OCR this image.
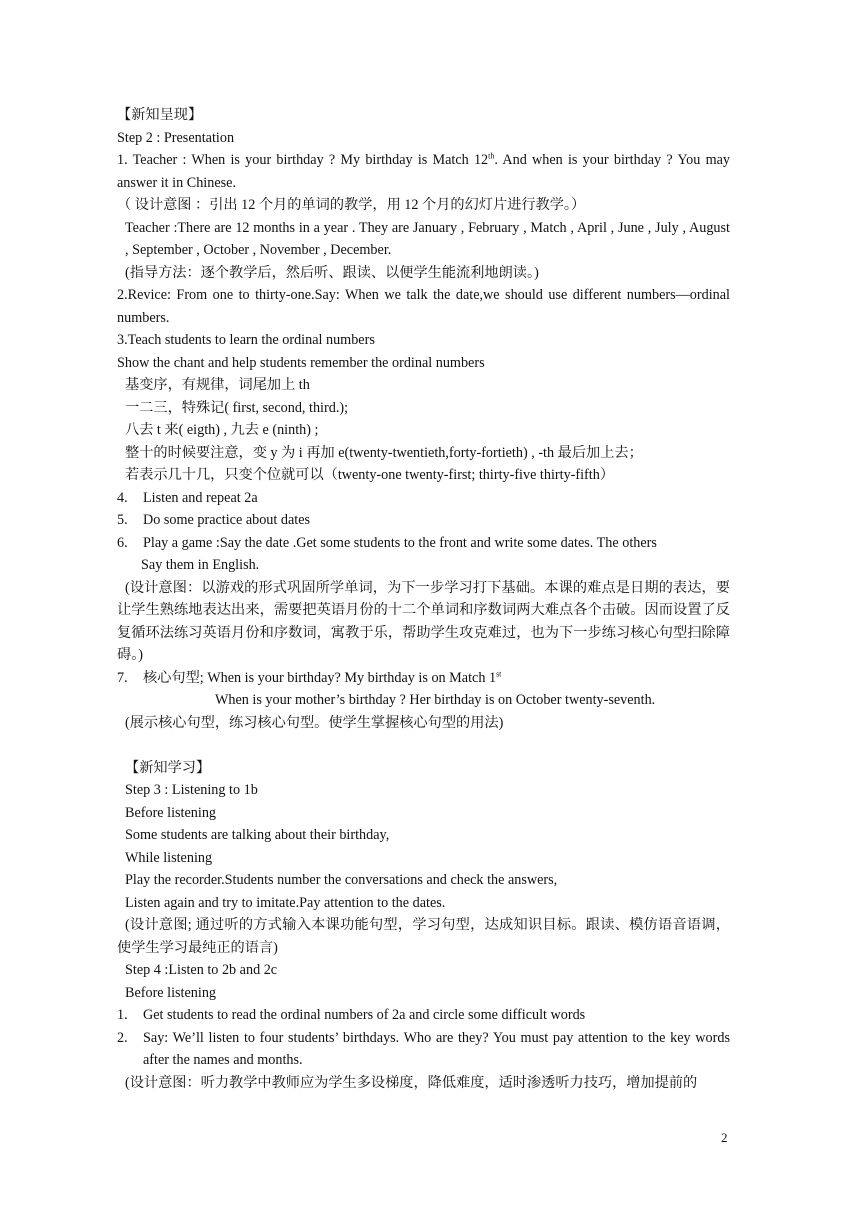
【新知呈现】
Step 2 : Presentation
1. Teacher : When is your birthday ? My birthday is Match 12th. And when is your birthday ? You may answer it in Chinese.
（ 设计意图 ：引出 12 个月的单词的教学，用 12 个月的幻灯片进行教学。）
Teacher :There are 12 months in a year . They are January , February , Match , April , June , July , August , September , October , November , December.
(指导方法：逐个教学后，然后听、跟读、以便学生能流利地朗读。)
2.Revice: From one to thirty-one.Say: When we talk the date,we should use different numbers—ordinal numbers.
3.Teach students to learn the ordinal numbers
Show the chant and help students remember the ordinal numbers
基变序，有规律，词尾加上 th
一二三，特殊记( first, second, third.);
八去 t 来( eigth) , 九去 e (ninth) ;
整十的时候要注意，变 y 为 i 再加 e(twenty-twentieth,forty-fortieth) , -th 最后加上去；
若表示几十几，只变个位就可以（twenty-one twenty-first; thirty-five thirty-fifth）
4. Listen and repeat 2a
5. Do some practice about dates
6. Play a game :Say the date .Get some students to the front and write some dates. The others
Say them in English.
(设计意图：以游戏的形式巩固所学单词，为下一步学习打下基础。本课的难点是日期的表达，要让学生熟练地表达出来，需要把英语月份的十二个单词和序数词两大难点各个击破。因而设置了反复循环法练习英语月份和序数词，寓教于乐，帮助学生攻克难过，也为下一步练习核心句型扫除障碍。)
7. 核心句型; When is your birthday? My birthday is on Match 1st
When is your mother’s birthday ? Her birthday is on October twenty-seventh.
(展示核心句型，练习核心句型。使学生掌握核心句型的用法)
【新知学习】
Step 3 : Listening to 1b
Before listening
Some students are talking about their birthday,
While listening
Play the recorder.Students number the conversations and check the answers,
Listen again and try to imitate.Pay attention to the dates.
(设计意图; 通过听的方式输入本课功能句型，学习句型，达成知识目标。跟读、模仿语音语调，使学生学习最纯正的语言)
Step 4 :Listen to 2b and 2c
Before listening
1. Get students to read the ordinal numbers of 2a and circle some difficult words
2. Say: We’ll listen to four students’ birthdays. Who are they? You must pay attention to the key words after the names and months.
(设计意图：听力教学中教师应为学生多设梯度，降低难度，适时渗透听力技巧，增加提前的
2
